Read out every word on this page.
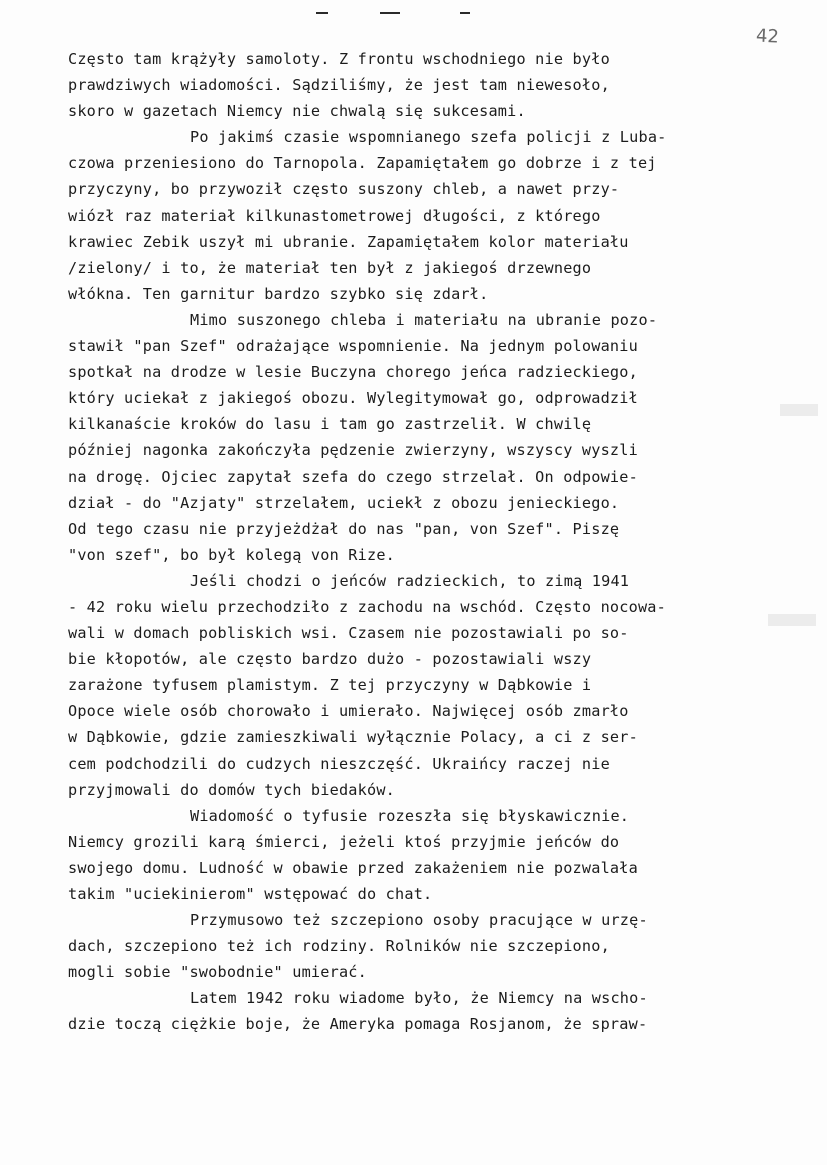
42
Często tam krążyły samoloty. Z frontu wschodniego nie było
prawdziwych wiadomości. Sądziliśmy, że jest tam niewesoło,
skoro w gazetach Niemcy nie chwalą się sukcesami.
Po jakimś czasie wspomnianego szefa policji z Luba-
czowa przeniesiono do Tarnopola. Zapamiętałem go dobrze i z tej
przyczyny, bo przywoził często suszony chleb, a nawet przy-
wiózł raz materiał kilkunastometrowej długości, z którego
krawiec Zebik uszył mi ubranie. Zapamiętałem kolor materiału
/zielony/ i to, że materiał ten był z jakiegoś drzewnego
włókna. Ten garnitur bardzo szybko się zdarł.
Mimo suszonego chleba i materiału na ubranie pozo-
stawił "pan Szef" odrażające wspomnienie. Na jednym polowaniu
spotkał na drodze w lesie Buczyna chorego jeńca radzieckiego,
który uciekał z jakiegoś obozu. Wylegitymował go, odprowadził
kilkanaście kroków do lasu i tam go zastrzelił. W chwilę
później nagonka zakończyła pędzenie zwierzyny, wszyscy wyszli
na drogę. Ojciec zapytał szefa do czego strzelał. On odpowie-
dział - do "Azjaty" strzelałem, uciekł z obozu jenieckiego.
Od tego czasu nie przyjeżdżał do nas "pan, von Szef". Piszę
"von szef", bo był kolegą von Rize.
Jeśli chodzi o jeńców radzieckich, to zimą 1941
- 42 roku wielu przechodziło z zachodu na wschód. Często nocowa-
wali w domach pobliskich wsi. Czasem nie pozostawiali po so-
bie kłopotów, ale często bardzo dużo - pozostawiali wszy
zarażone tyfusem plamistym. Z tej przyczyny w Dąbkowie i
Opoce wiele osób chorowało i umierało. Najwięcej osób zmarło
w Dąbkowie, gdzie zamieszkiwali wyłącznie Polacy, a ci z ser-
cem podchodzili do cudzych nieszczęść. Ukraińcy raczej nie
przyjmowali do domów tych biedaków.
Wiadomość o tyfusie rozeszła się błyskawicznie.
Niemcy grozili karą śmierci, jeżeli ktoś przyjmie jeńców do
swojego domu. Ludność w obawie przed zakażeniem nie pozwalała
takim "uciekinierom" wstępować do chat.
Przymusowo też szczepiono osoby pracujące w urzę-
dach, szczepiono też ich rodziny. Rolników nie szczepiono,
mogli sobie "swobodnie" umierać.
Latem 1942 roku wiadome było, że Niemcy na wscho-
dzie toczą ciężkie boje, że Ameryka pomaga Rosjanom, że spraw-
